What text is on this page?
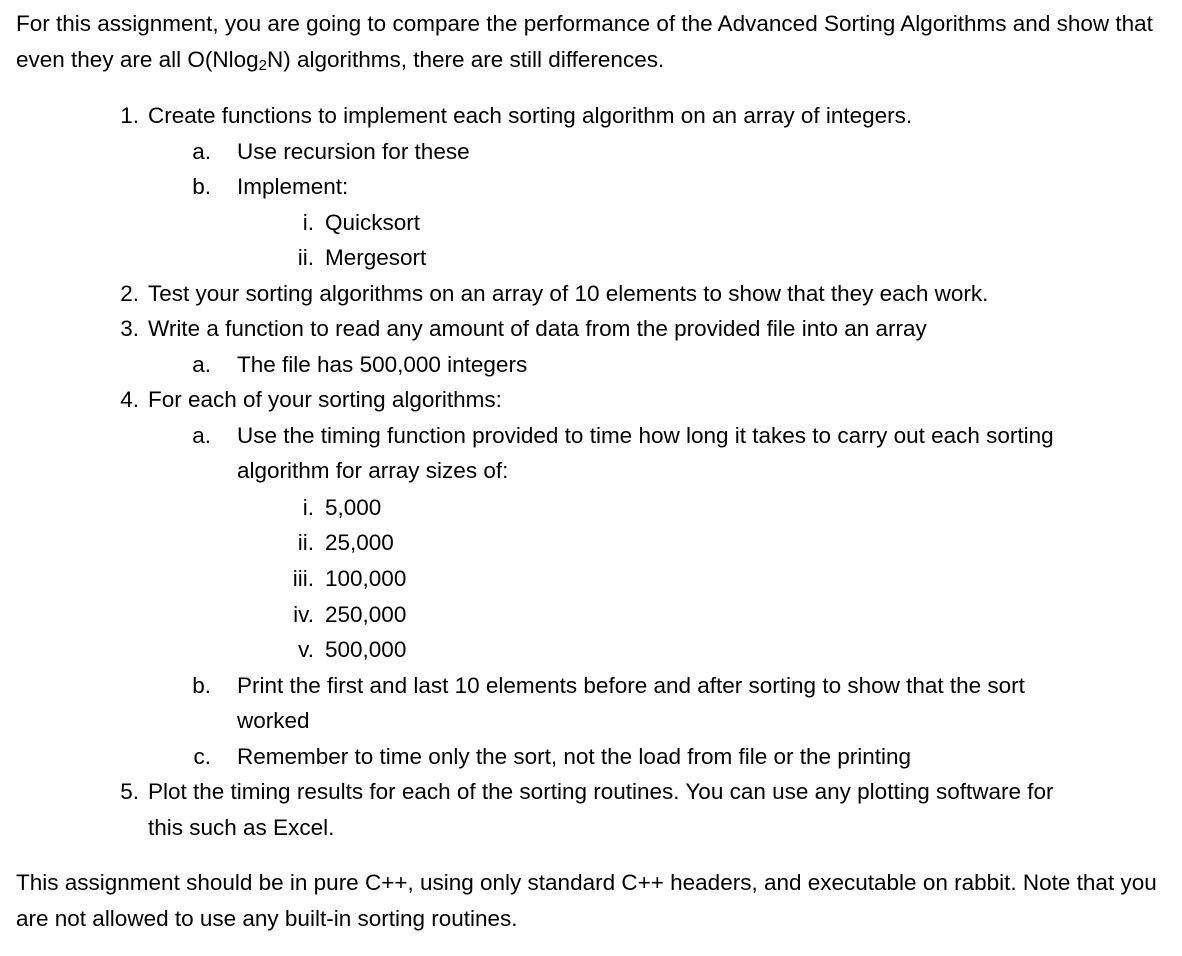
For this assignment, you are going to compare the performance of the Advanced Sorting Algorithms and show that even they are all O(Nlog$_2$N) algorithms, there are still differences.

1. Create functions to implement each sorting algorithm on an array of integers.
a. Use recursion for these
b. Implement:
i. Quicksort
ii. Mergesort
2. Test your sorting algorithms on an array of 10 elements to show that they each work.
3. Write a function to read any amount of data from the provided file into an array
a. The file has 500,000 integers
4. For each of your sorting algorithms:
a. Use the timing function provided to time how long it takes to carry out each sorting
algorithm for array sizes of:
i. 5,000
ii. 25,000
iii. 100,000
iv. 250,000
v. 500,000
b. Print the first and last 10 elements before and after sorting to show that the sort
worked
c. Remember to time only the sort, not the load from file or the printing
5. Plot the timing results for each of the sorting routines. You can use any plotting software for
this such as Excel.

This assignment should be in pure C++, using only standard C++ headers, and executable on rabbit. Note that you are not allowed to use any built-in sorting routines.
